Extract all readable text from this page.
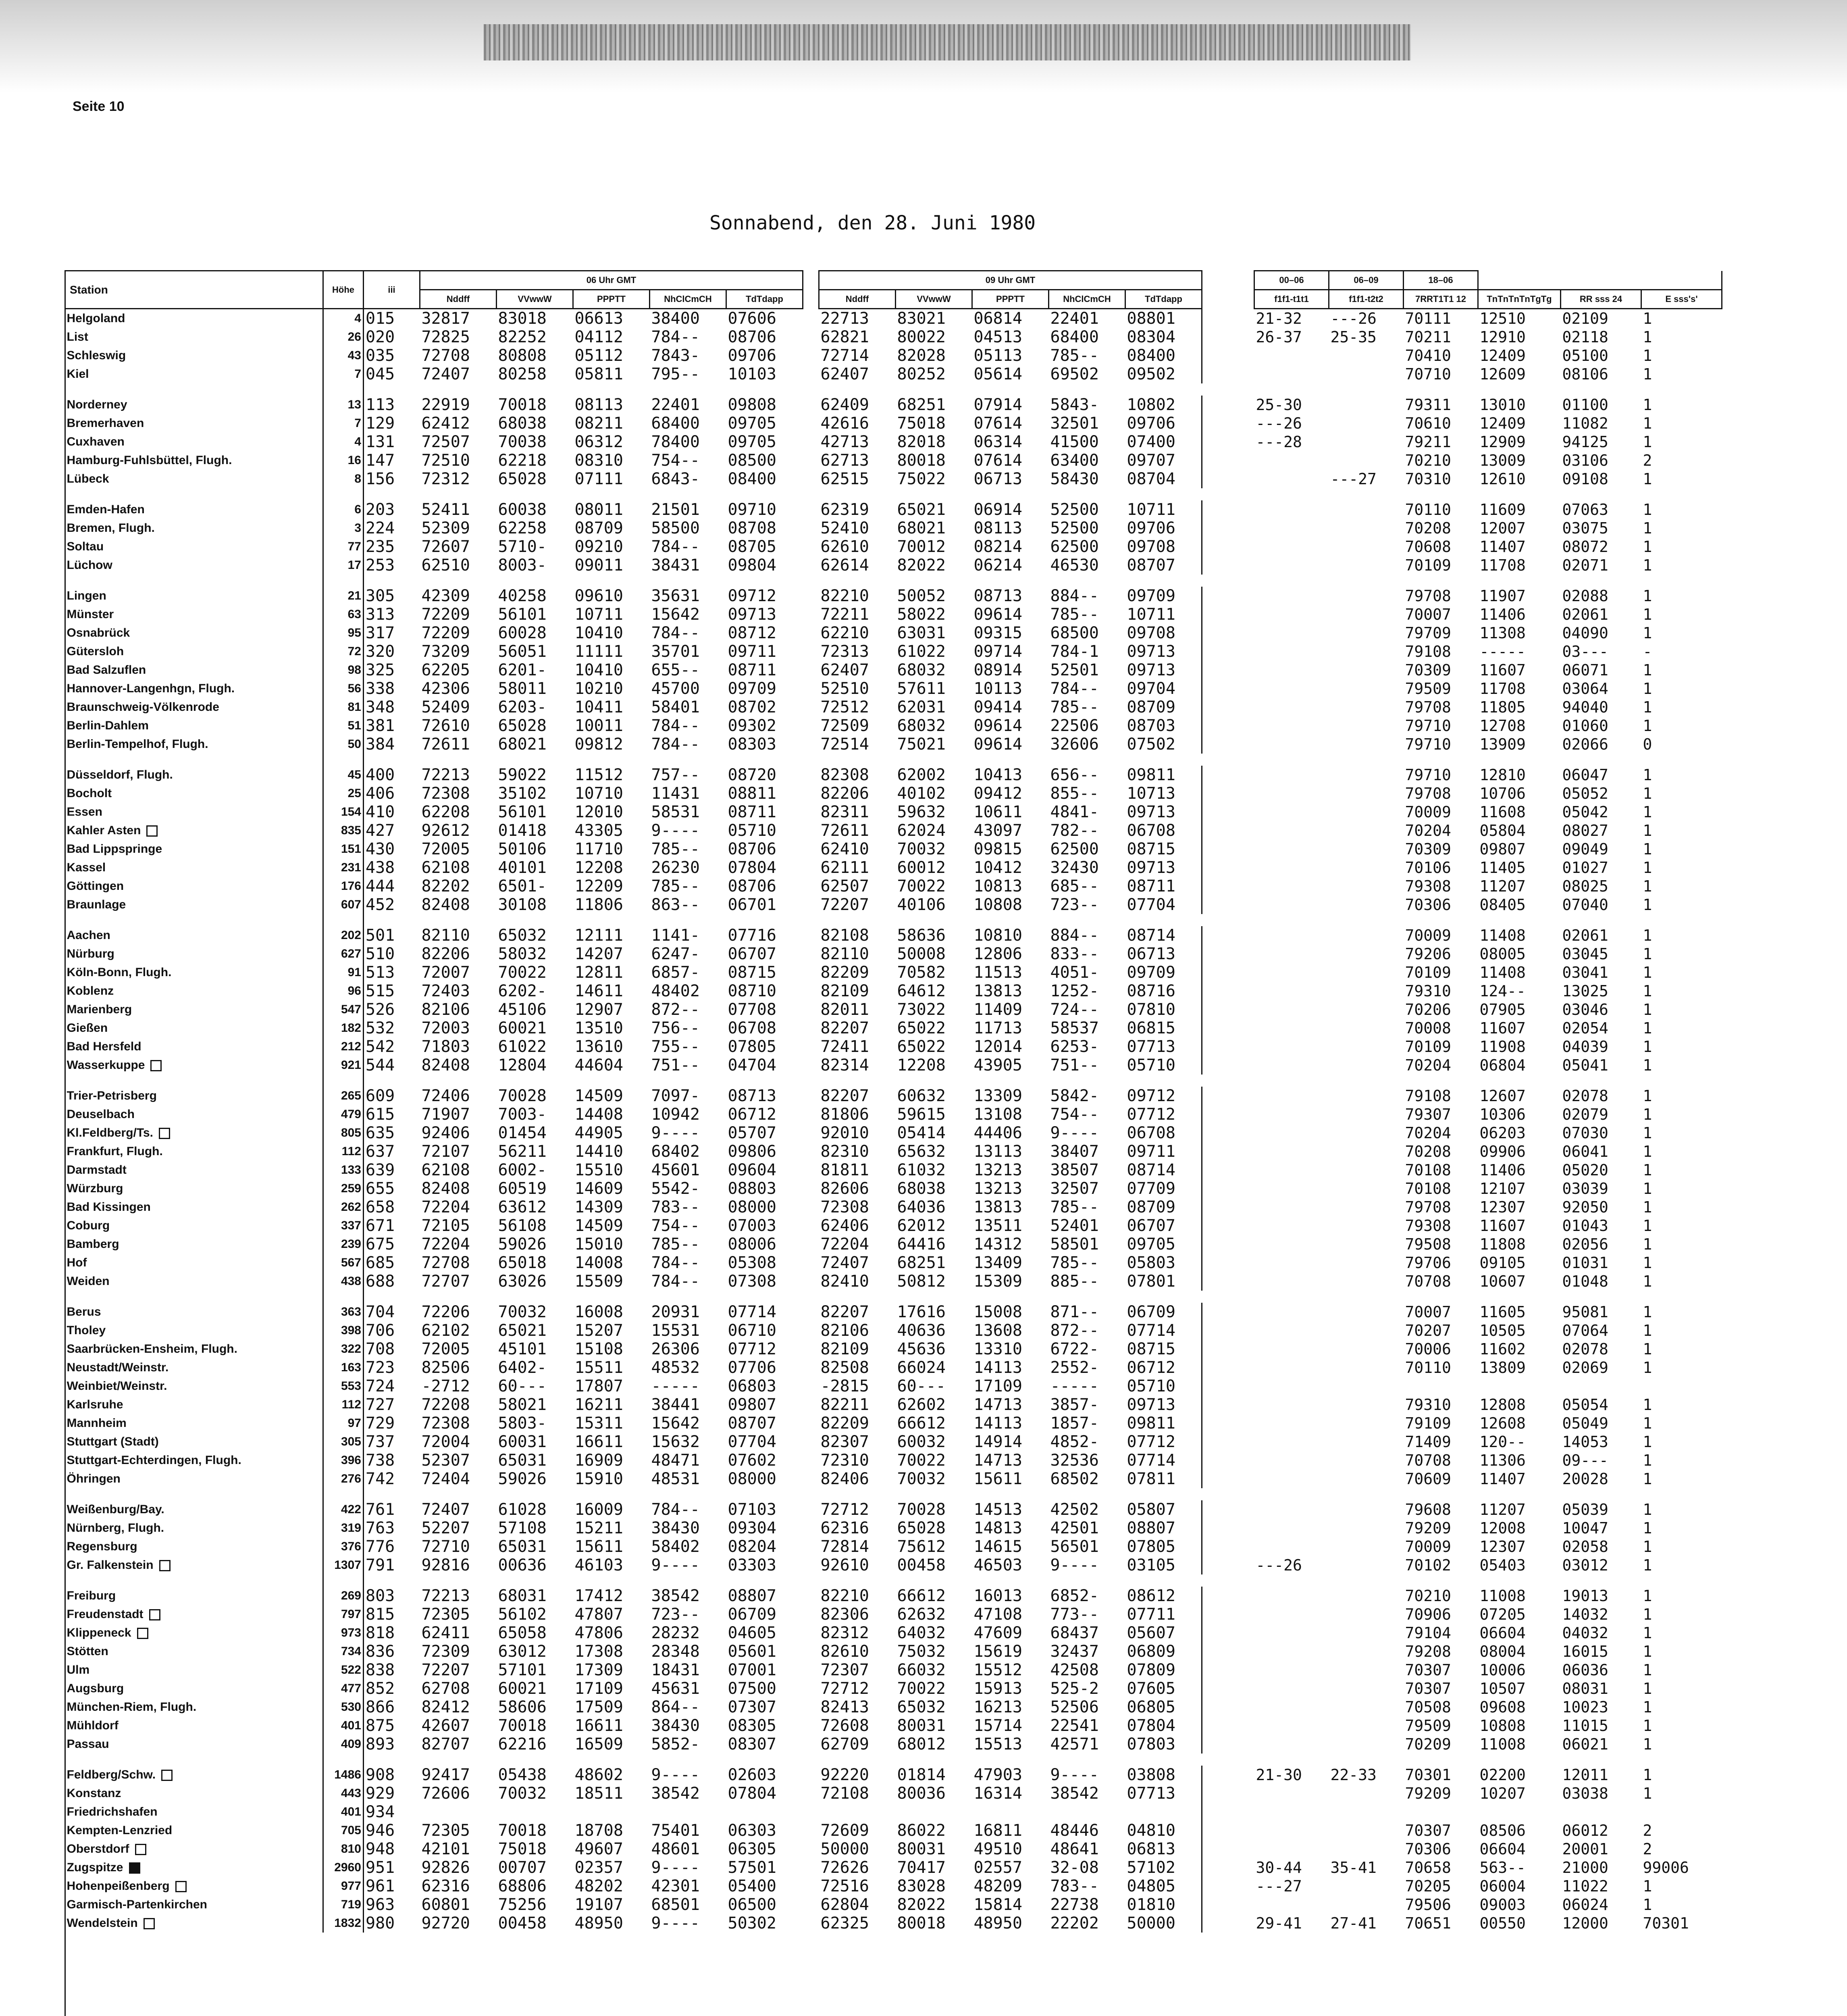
Seite 10
Sonnabend, den 28. Juni 1980
Station	Höhe	iii	06 Uhr GMT						09 Uhr GMT						00–06	06–09	18–06			
			Nddff	VVwwW	PPPTT	NhClCmCH	TdTdapp		Nddff	VVwwW	PPPTT	NhClCmCH	TdTdapp		f1f1-t1t1	f1f1-t2t2	7RRT1T1 12	TnTnTnTnTgTg	RR sss 24	E sss's'
Helgoland	4	015	32817	83018	06613	38400	07606		22713	83021	06814	22401	08801		21-32	---26	70111	12510	02109	1
List	26	020	72825	82252	04112	784--	08706		62821	80022	04513	68400	08304		26-37	25-35	70211	12910	02118	1
Schleswig	43	035	72708	80808	05112	7843-	09706		72714	82028	05113	785--	08400				70410	12409	05100	1
Kiel	7	045	72407	80258	05811	795--	10103		62407	80252	05614	69502	09502				70710	12609	08106	1

Norderney	13	113	22919	70018	08113	22401	09808		62409	68251	07914	5843-	10802		25-30		79311	13010	01100	1
Bremerhaven	7	129	62412	68038	08211	68400	09705		42616	75018	07614	32501	09706		---26		70610	12409	11082	1
Cuxhaven	4	131	72507	70038	06312	78400	09705		42713	82018	06314	41500	07400		---28		79211	12909	94125	1
Hamburg-Fuhlsbüttel, Flugh.	16	147	72510	62218	08310	754--	08500		62713	80018	07614	63400	09707				70210	13009	03106	2
Lübeck	8	156	72312	65028	07111	6843-	08400		62515	75022	06713	58430	08704			---27	70310	12610	09108	1

Emden-Hafen	6	203	52411	60038	08011	21501	09710		62319	65021	06914	52500	10711				70110	11609	07063	1
Bremen, Flugh.	3	224	52309	62258	08709	58500	08708		52410	68021	08113	52500	09706				70208	12007	03075	1
Soltau	77	235	72607	5710-	09210	784--	08705		62610	70012	08214	62500	09708				70608	11407	08072	1
Lüchow	17	253	62510	8003-	09011	38431	09804		62614	82022	06214	46530	08707				70109	11708	02071	1

Lingen	21	305	42309	40258	09610	35631	09712		82210	50052	08713	884--	09709				79708	11907	02088	1
Münster	63	313	72209	56101	10711	15642	09713		72211	58022	09614	785--	10711				70007	11406	02061	1
Osnabrück	95	317	72209	60028	10410	784--	08712		62210	63031	09315	68500	09708				79709	11308	04090	1
Gütersloh	72	320	73209	56051	11111	35701	09711		72313	61022	09714	784-1	09713				79108	-----	03---	-
Bad Salzuflen	98	325	62205	6201-	10410	655--	08711		62407	68032	08914	52501	09713				70309	11607	06071	1
Hannover-Langenhgn, Flugh.	56	338	42306	58011	10210	45700	09709		52510	57611	10113	784--	09704				79509	11708	03064	1
Braunschweig-Völkenrode	81	348	52409	6203-	10411	58401	08702		72512	62031	09414	785--	08709				79708	11805	94040	1
Berlin-Dahlem	51	381	72610	65028	10011	784--	09302		72509	68032	09614	22506	08703				79710	12708	01060	1
Berlin-Tempelhof, Flugh.	50	384	72611	68021	09812	784--	08303		72514	75021	09614	32606	07502				79710	13909	02066	0

Düsseldorf, Flugh.	45	400	72213	59022	11512	757--	08720		82308	62002	10413	656--	09811				79710	12810	06047	1
Bocholt	25	406	72308	35102	10710	11431	08811		82206	40102	09412	855--	10713				79708	10706	05052	1
Essen	154	410	62208	56101	12010	58531	08711		82311	59632	10611	4841-	09713				70009	11608	05042	1
Kahler Asten	835	427	92612	01418	43305	9----	05710		72611	62024	43097	782--	06708				70204	05804	08027	1
Bad Lippspringe	151	430	72005	50106	11710	785--	08706		62410	70032	09815	62500	08715				70309	09807	09049	1
Kassel	231	438	62108	40101	12208	26230	07804		62111	60012	10412	32430	09713				70106	11405	01027	1
Göttingen	176	444	82202	6501-	12209	785--	08706		62507	70022	10813	685--	08711				79308	11207	08025	1
Braunlage	607	452	82408	30108	11806	863--	06701		72207	40106	10808	723--	07704				70306	08405	07040	1

Aachen	202	501	82110	65032	12111	1141-	07716		82108	58636	10810	884--	08714				70009	11408	02061	1
Nürburg	627	510	82206	58032	14207	6247-	06707		82110	50008	12806	833--	06713				79206	08005	03045	1
Köln-Bonn, Flugh.	91	513	72007	70022	12811	6857-	08715		82209	70582	11513	4051-	09709				70109	11408	03041	1
Koblenz	96	515	72403	6202-	14611	48402	08710		82109	64612	13813	1252-	08716				79310	124--	13025	1
Marienberg	547	526	82106	45106	12907	872--	07708		82011	73022	11409	724--	07810				70206	07905	03046	1
Gießen	182	532	72003	60021	13510	756--	06708		82207	65022	11713	58537	06815				70008	11607	02054	1
Bad Hersfeld	212	542	71803	61022	13610	755--	07805		72411	65022	12014	6253-	07713				70109	11908	04039	1
Wasserkuppe	921	544	82408	12804	44604	751--	04704		82314	12208	43905	751--	05710				70204	06804	05041	1

Trier-Petrisberg	265	609	72406	70028	14509	7097-	08713		82207	60632	13309	5842-	09712				79108	12607	02078	1
Deuselbach	479	615	71907	7003-	14408	10942	06712		81806	59615	13108	754--	07712				79307	10306	02079	1
Kl.Feldberg/Ts.	805	635	92406	01454	44905	9----	05707		92010	05414	44406	9----	06708				70204	06203	07030	1
Frankfurt, Flugh.	112	637	72107	56211	14410	68402	09806		82310	65632	13113	38407	09711				70208	09906	06041	1
Darmstadt	133	639	62108	6002-	15510	45601	09604		81811	61032	13213	38507	08714				70108	11406	05020	1
Würzburg	259	655	82408	60519	14609	5542-	08803		82606	68038	13213	32507	07709				70108	12107	03039	1
Bad Kissingen	262	658	72204	63612	14309	783--	08000		72308	64036	13813	785--	08709				79708	12307	92050	1
Coburg	337	671	72105	56108	14509	754--	07003		62406	62012	13511	52401	06707				79308	11607	01043	1
Bamberg	239	675	72204	59026	15010	785--	08006		72204	64416	14312	58501	09705				79508	11808	02056	1
Hof	567	685	72708	65018	14008	784--	05308		72407	68251	13409	785--	05803				79706	09105	01031	1
Weiden	438	688	72707	63026	15509	784--	07308		82410	50812	15309	885--	07801				70708	10607	01048	1

Berus	363	704	72206	70032	16008	20931	07714		82207	17616	15008	871--	06709				70007	11605	95081	1
Tholey	398	706	62102	65021	15207	15531	06710		82106	40636	13608	872--	07714				70207	10505	07064	1
Saarbrücken-Ensheim, Flugh.	322	708	72005	45101	15108	26306	07712		82109	45636	13310	6722-	08715				70006	11602	02078	1
Neustadt/Weinstr.	163	723	82506	6402-	15511	48532	07706		82508	66024	14113	2552-	06712				70110	13809	02069	1
Weinbiet/Weinstr.	553	724	-2712	60---	17807	-----	06803		-2815	60---	17109	-----	05710							
Karlsruhe	112	727	72208	58021	16211	38441	09807		82211	62602	14713	3857-	09713				79310	12808	05054	1
Mannheim	97	729	72308	5803-	15311	15642	08707		82209	66612	14113	1857-	09811				79109	12608	05049	1
Stuttgart (Stadt)	305	737	72004	60031	16611	15632	07704		82307	60032	14914	4852-	07712				71409	120--	14053	1
Stuttgart-Echterdingen, Flugh.	396	738	52307	65031	16909	48471	07602		72310	70022	14713	32536	07714				70708	11306	09---	1
Öhringen	276	742	72404	59026	15910	48531	08000		82406	70032	15611	68502	07811				70609	11407	20028	1

Weißenburg/Bay.	422	761	72407	61028	16009	784--	07103		72712	70028	14513	42502	05807				79608	11207	05039	1
Nürnberg, Flugh.	319	763	52207	57108	15211	38430	09304		62316	65028	14813	42501	08807				79209	12008	10047	1
Regensburg	376	776	72710	65031	15611	58402	08204		72814	75612	14615	56501	07805				70009	12307	02058	1
Gr. Falkenstein	1307	791	92816	00636	46103	9----	03303		92610	00458	46503	9----	03105		---26		70102	05403	03012	1

Freiburg	269	803	72213	68031	17412	38542	08807		82210	66612	16013	6852-	08612				70210	11008	19013	1
Freudenstadt	797	815	72305	56102	47807	723--	06709		82306	62632	47108	773--	07711				70906	07205	14032	1
Klippeneck	973	818	62411	65058	47806	28232	04605		82312	64032	47609	68437	05607				79104	06604	04032	1
Stötten	734	836	72309	63012	17308	28348	05601		82610	75032	15619	32437	06809				79208	08004	16015	1
Ulm	522	838	72207	57101	17309	18431	07001		72307	66032	15512	42508	07809				70307	10006	06036	1
Augsburg	477	852	62708	60021	17109	45631	07500		72712	70022	15913	525-2	07605				70307	10507	08031	1
München-Riem, Flugh.	530	866	82412	58606	17509	864--	07307		82413	65032	16213	52506	06805				70508	09608	10023	1
Mühldorf	401	875	42607	70018	16611	38430	08305		72608	80031	15714	22541	07804				79509	10808	11015	1
Passau	409	893	82707	62216	16509	5852-	08307		62709	68012	15513	42571	07803				70209	11008	06021	1

Feldberg/Schw.	1486	908	92417	05438	48602	9----	02603		92220	01814	47903	9----	03808		21-30	22-33	70301	02200	12011	1
Konstanz	443	929	72606	70032	18511	38542	07804		72108	80036	16314	38542	07713				79209	10207	03038	1
Friedrichshafen	401	934																		
Kempten-Lenzried	705	946	72305	70018	18708	75401	06303		72609	86022	16811	48446	04810				70307	08506	06012	2
Oberstdorf	810	948	42101	75018	49607	48601	06305		50000	80031	49510	48641	06813				70306	06604	20001	2
Zugspitze	2960	951	92826	00707	02357	9----	57501		72626	70417	02557	32-08	57102		30-44	35-41	70658	563--	21000	99006
Hohenpeißenberg	977	961	62316	68806	48202	42301	05400		72516	83028	48209	783--	04805		---27		70205	06004	11022	1
Garmisch-Partenkirchen	719	963	60801	75256	19107	68501	06500		62804	82022	15814	22738	01810				79506	09003	06024	1
Wendelstein	1832	980	92720	00458	48950	9----	50302		62325	80018	48950	22202	50000		29-41	27-41	70651	00550	12000	70301
